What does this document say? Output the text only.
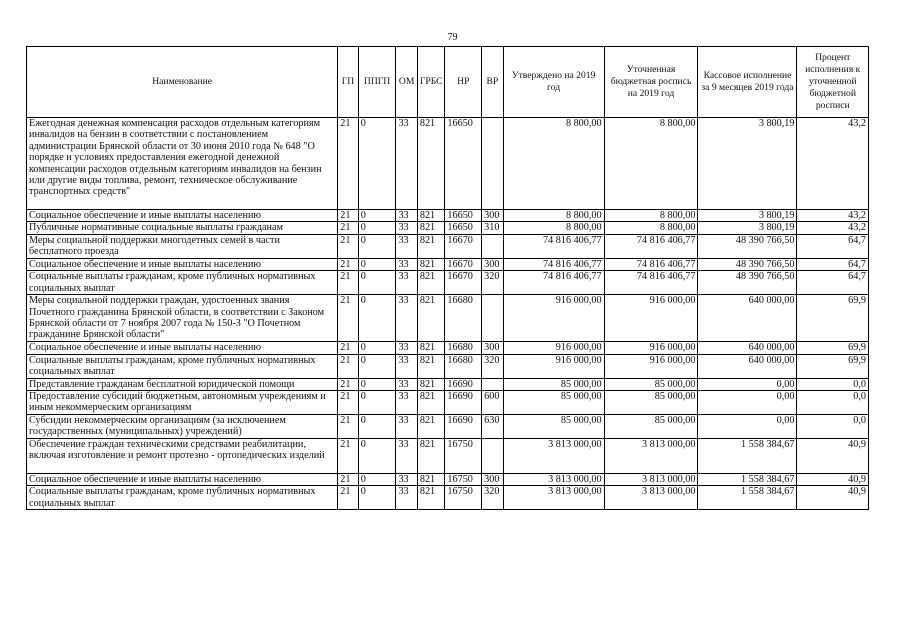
79
Наименование	ГП	ППГП	ОМ	ГРБС	НР	ВР	Утверждено на 2019 год	Уточненная бюджетная роспись на 2019 год	Кассовое исполнение за 9 месяцев 2019 года	Процент исполнения к уточненной бюджетной росписи
Ежегодная денежная компенсация расходов отдельным категориям инвалидов на бензин в соответствии с постановлением администрации Брянской области от 30 июня 2010 года № 648 "О порядке и условиях предоставления ежегодной денежной компенсации расходов отдельным категориям инвалидов на бензин или другие виды топлива, ремонт, техническое обслуживание транспортных средств"	21	0	33	821	16650		8 800,00	8 800,00	3 800,19	43,2
Социальное обеспечение и иные выплаты населению	21	0	33	821	16650	300	8 800,00	8 800,00	3 800,19	43,2
Публичные нормативные социальные выплаты гражданам	21	0	33	821	16650	310	8 800,00	8 800,00	3 800,19	43,2
Меры социальной поддержки многодетных семей в части бесплатного проезда	21	0	33	821	16670		74 816 406,77	74 816 406,77	48 390 766,50	64,7
Социальное обеспечение и иные выплаты населению	21	0	33	821	16670	300	74 816 406,77	74 816 406,77	48 390 766,50	64,7
Социальные выплаты гражданам, кроме публичных нормативных социальных выплат	21	0	33	821	16670	320	74 816 406,77	74 816 406,77	48 390 766,50	64,7
Меры социальной поддержки граждан, удостоенных звания Почетного гражданина Брянской области, в соответствии с Законом Брянской области от 7 ноября 2007 года № 150-З "О Почетном гражданине Брянской области"	21	0	33	821	16680		916 000,00	916 000,00	640 000,00	69,9
Социальное обеспечение и иные выплаты населению	21	0	33	821	16680	300	916 000,00	916 000,00	640 000,00	69,9
Социальные выплаты гражданам, кроме публичных нормативных социальных выплат	21	0	33	821	16680	320	916 000,00	916 000,00	640 000,00	69,9
Представление гражданам бесплатной юридической помощи	21	0	33	821	16690		85 000,00	85 000,00	0,00	0,0
Предоставление субсидий бюджетным, автономным учреждениям и иным некоммерческим организациям	21	0	33	821	16690	600	85 000,00	85 000,00	0,00	0,0
Субсидии некоммерческим организациям (за исключением государственных (муниципальных) учреждений)	21	0	33	821	16690	630	85 000,00	85 000,00	0,00	0,0
Обеспечение граждан техническими средствами реабилитации, включая изготовление и ремонт протезно - ортопедических изделий	21	0	33	821	16750		3 813 000,00	3 813 000,00	1 558 384,67	40,9
Социальное обеспечение и иные выплаты населению	21	0	33	821	16750	300	3 813 000,00	3 813 000,00	1 558 384,67	40,9
Социальные выплаты гражданам, кроме публичных нормативных социальных выплат	21	0	33	821	16750	320	3 813 000,00	3 813 000,00	1 558 384,67	40,9
